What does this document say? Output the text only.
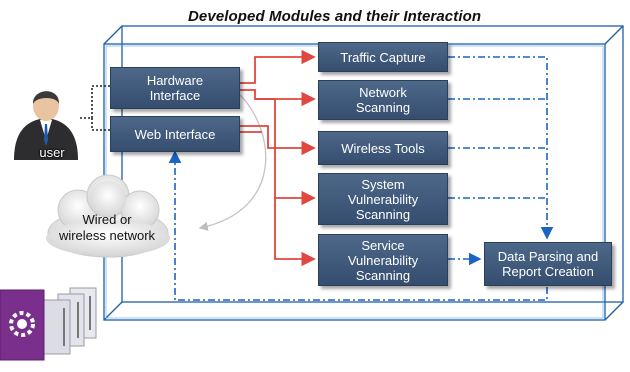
Developed Modules and their Interaction
user
Wired or
wireless network
Hardware
Interface
Web Interface
Traffic Capture
Network
Scanning
Wireless Tools
System
Vulnerability
Scanning
Service
Vulnerability
Scanning
Data Parsing and
Report Creation
